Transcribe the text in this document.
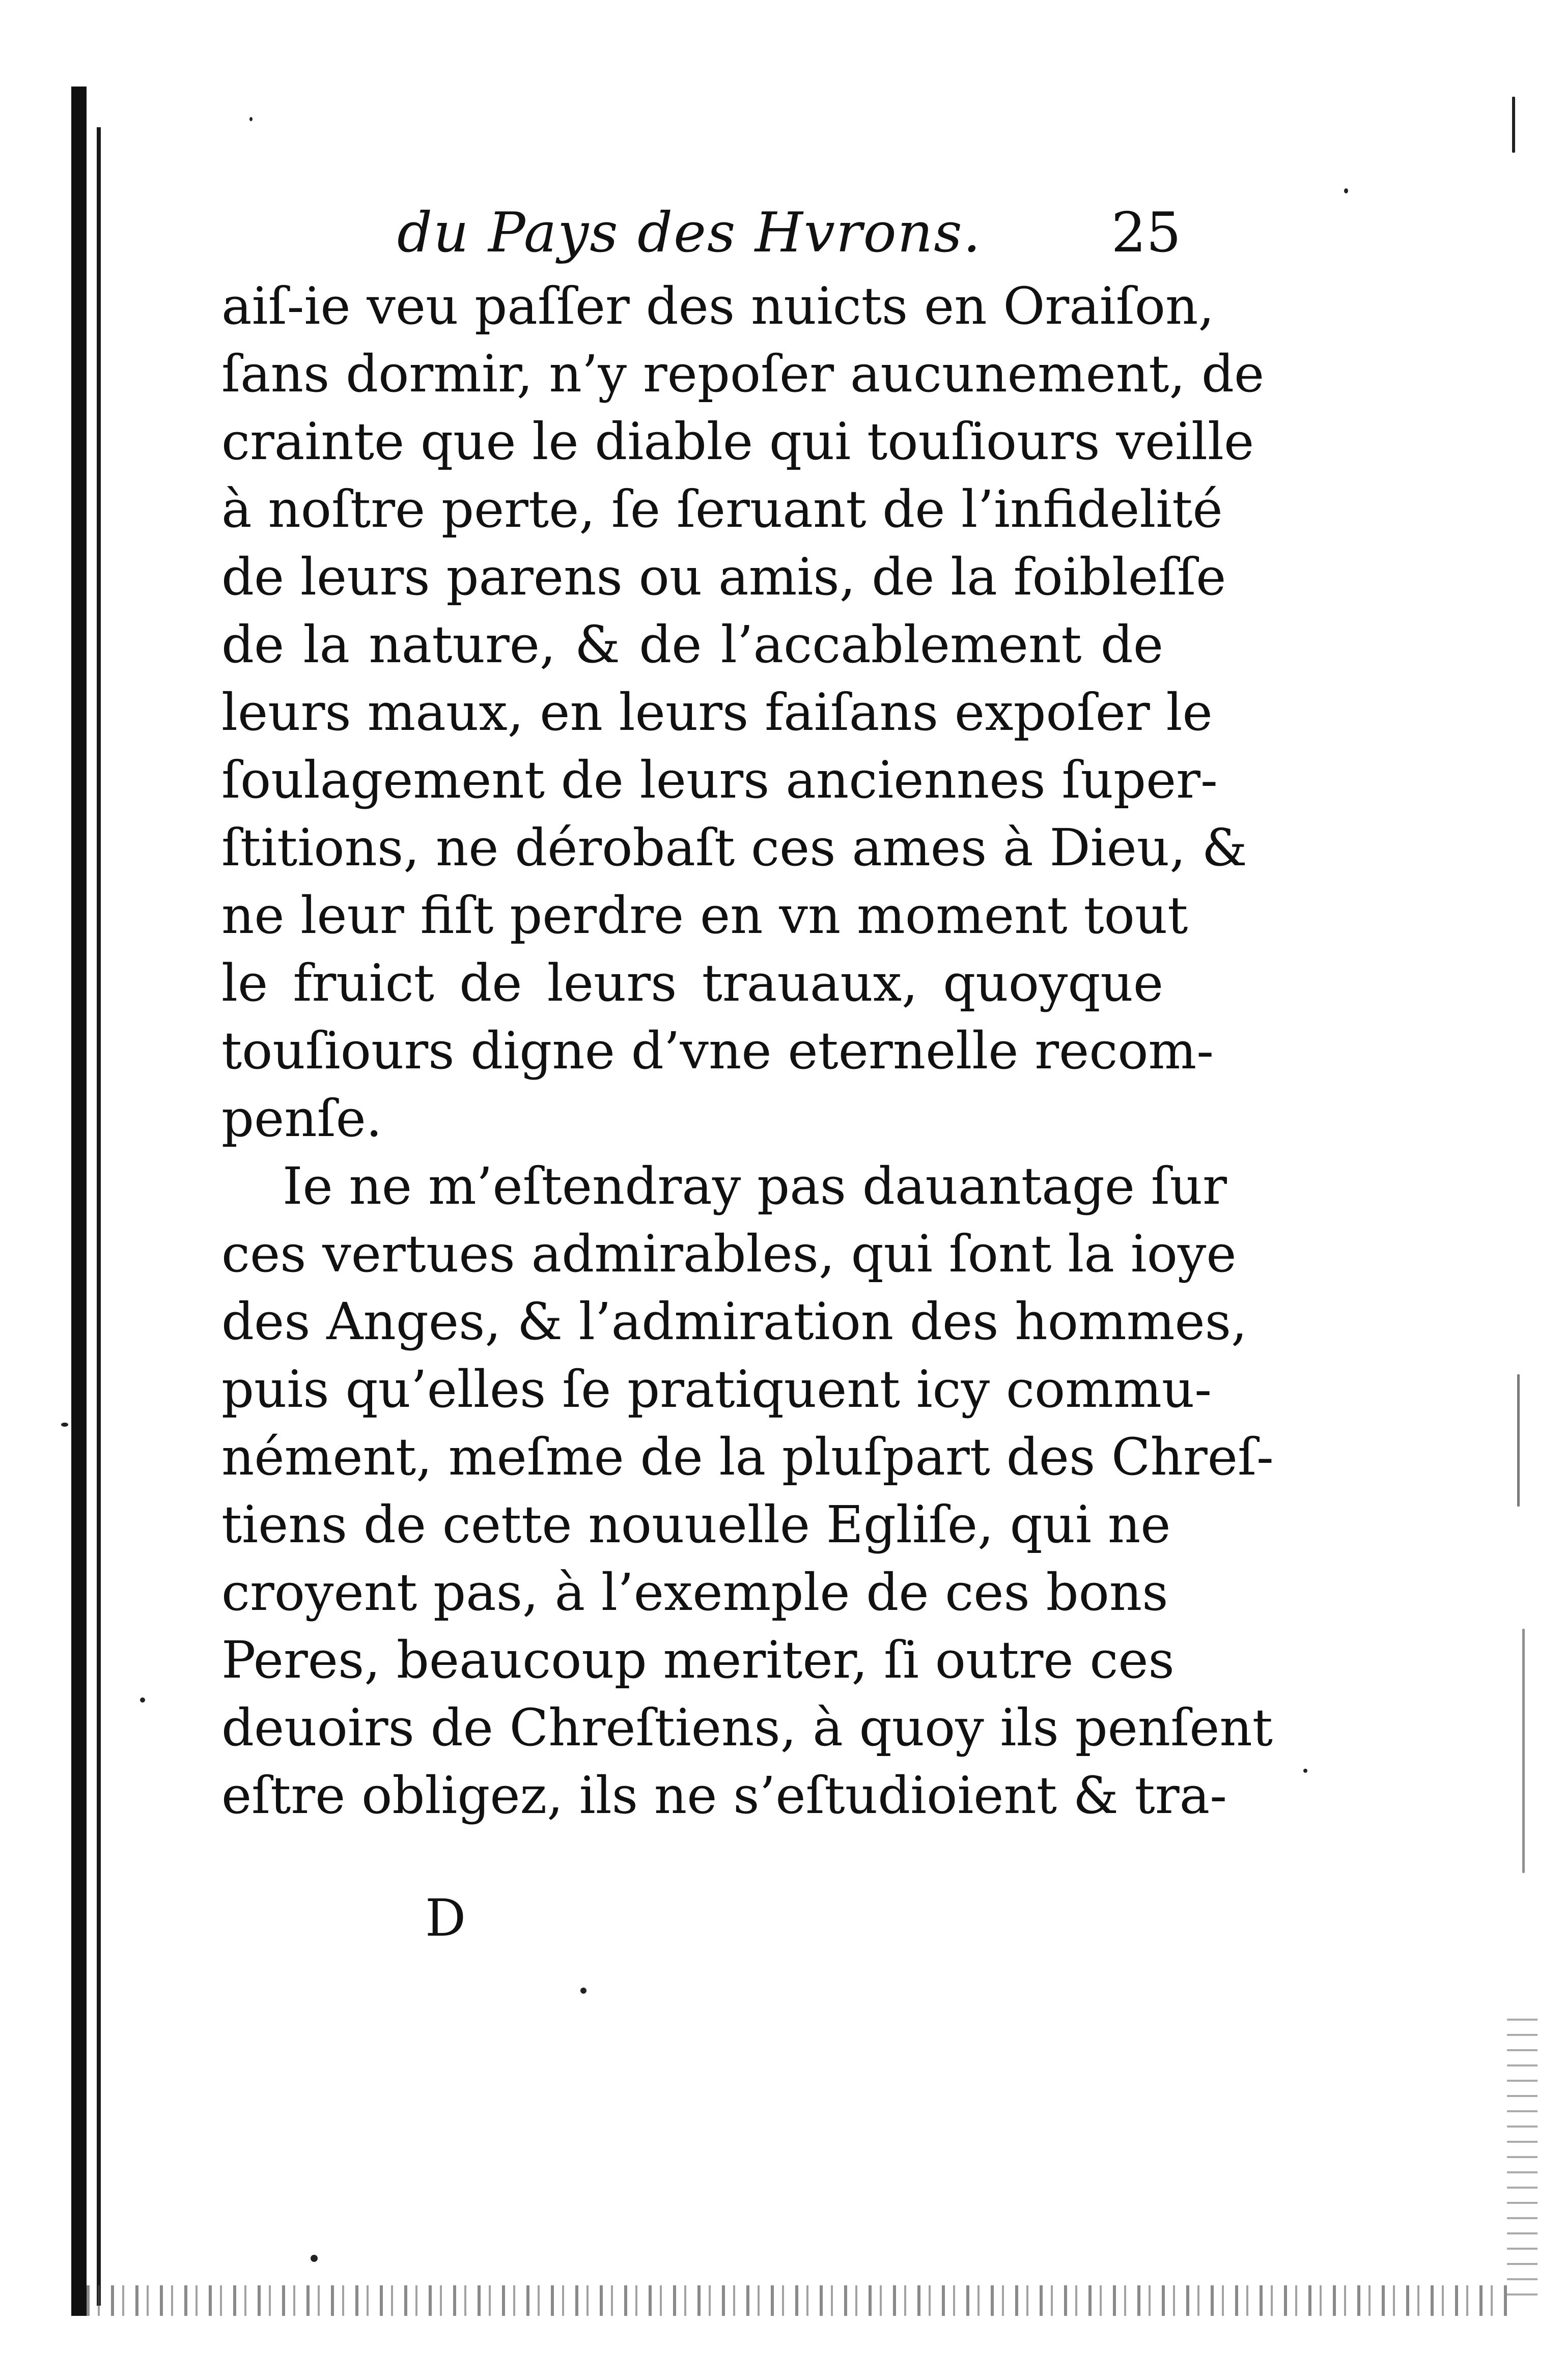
du Pays des Hvrons. 25
aiſ-ie veu paſſer des nuicts en Oraiſon,
ſans dormir, n’y repoſer aucunement, de
crainte que le diable qui touſiours veille
à noſtre perte, ſe ſeruant de l’infidelité
de leurs parens ou amis, de la foibleſſe
de la nature, & de l’accablement de
leurs maux, en leurs faiſans expoſer le
ſoulagement de leurs anciennes ſuper-
ſtitions, ne dérobaſt ces ames à Dieu, &
ne leur fiſt perdre en vn moment tout
le fruict de leurs trauaux, quoyque
touſiours digne d’vne eternelle recom-
penſe.
Ie ne m’eſtendray pas dauantage ſur
ces vertues admirables, qui ſont la ioye
des Anges, & l’admiration des hommes,
puis qu’elles ſe pratiquent icy commu-
nément, meſme de la pluſpart des Chreſ-
tiens de cette nouuelle Egliſe, qui ne
croyent pas, à l’exemple de ces bons
Peres, beaucoup meriter, ſi outre ces
deuoirs de Chreſtiens, à quoy ils penſent
eſtre obligez, ils ne s’eſtudioient & tra-
D
